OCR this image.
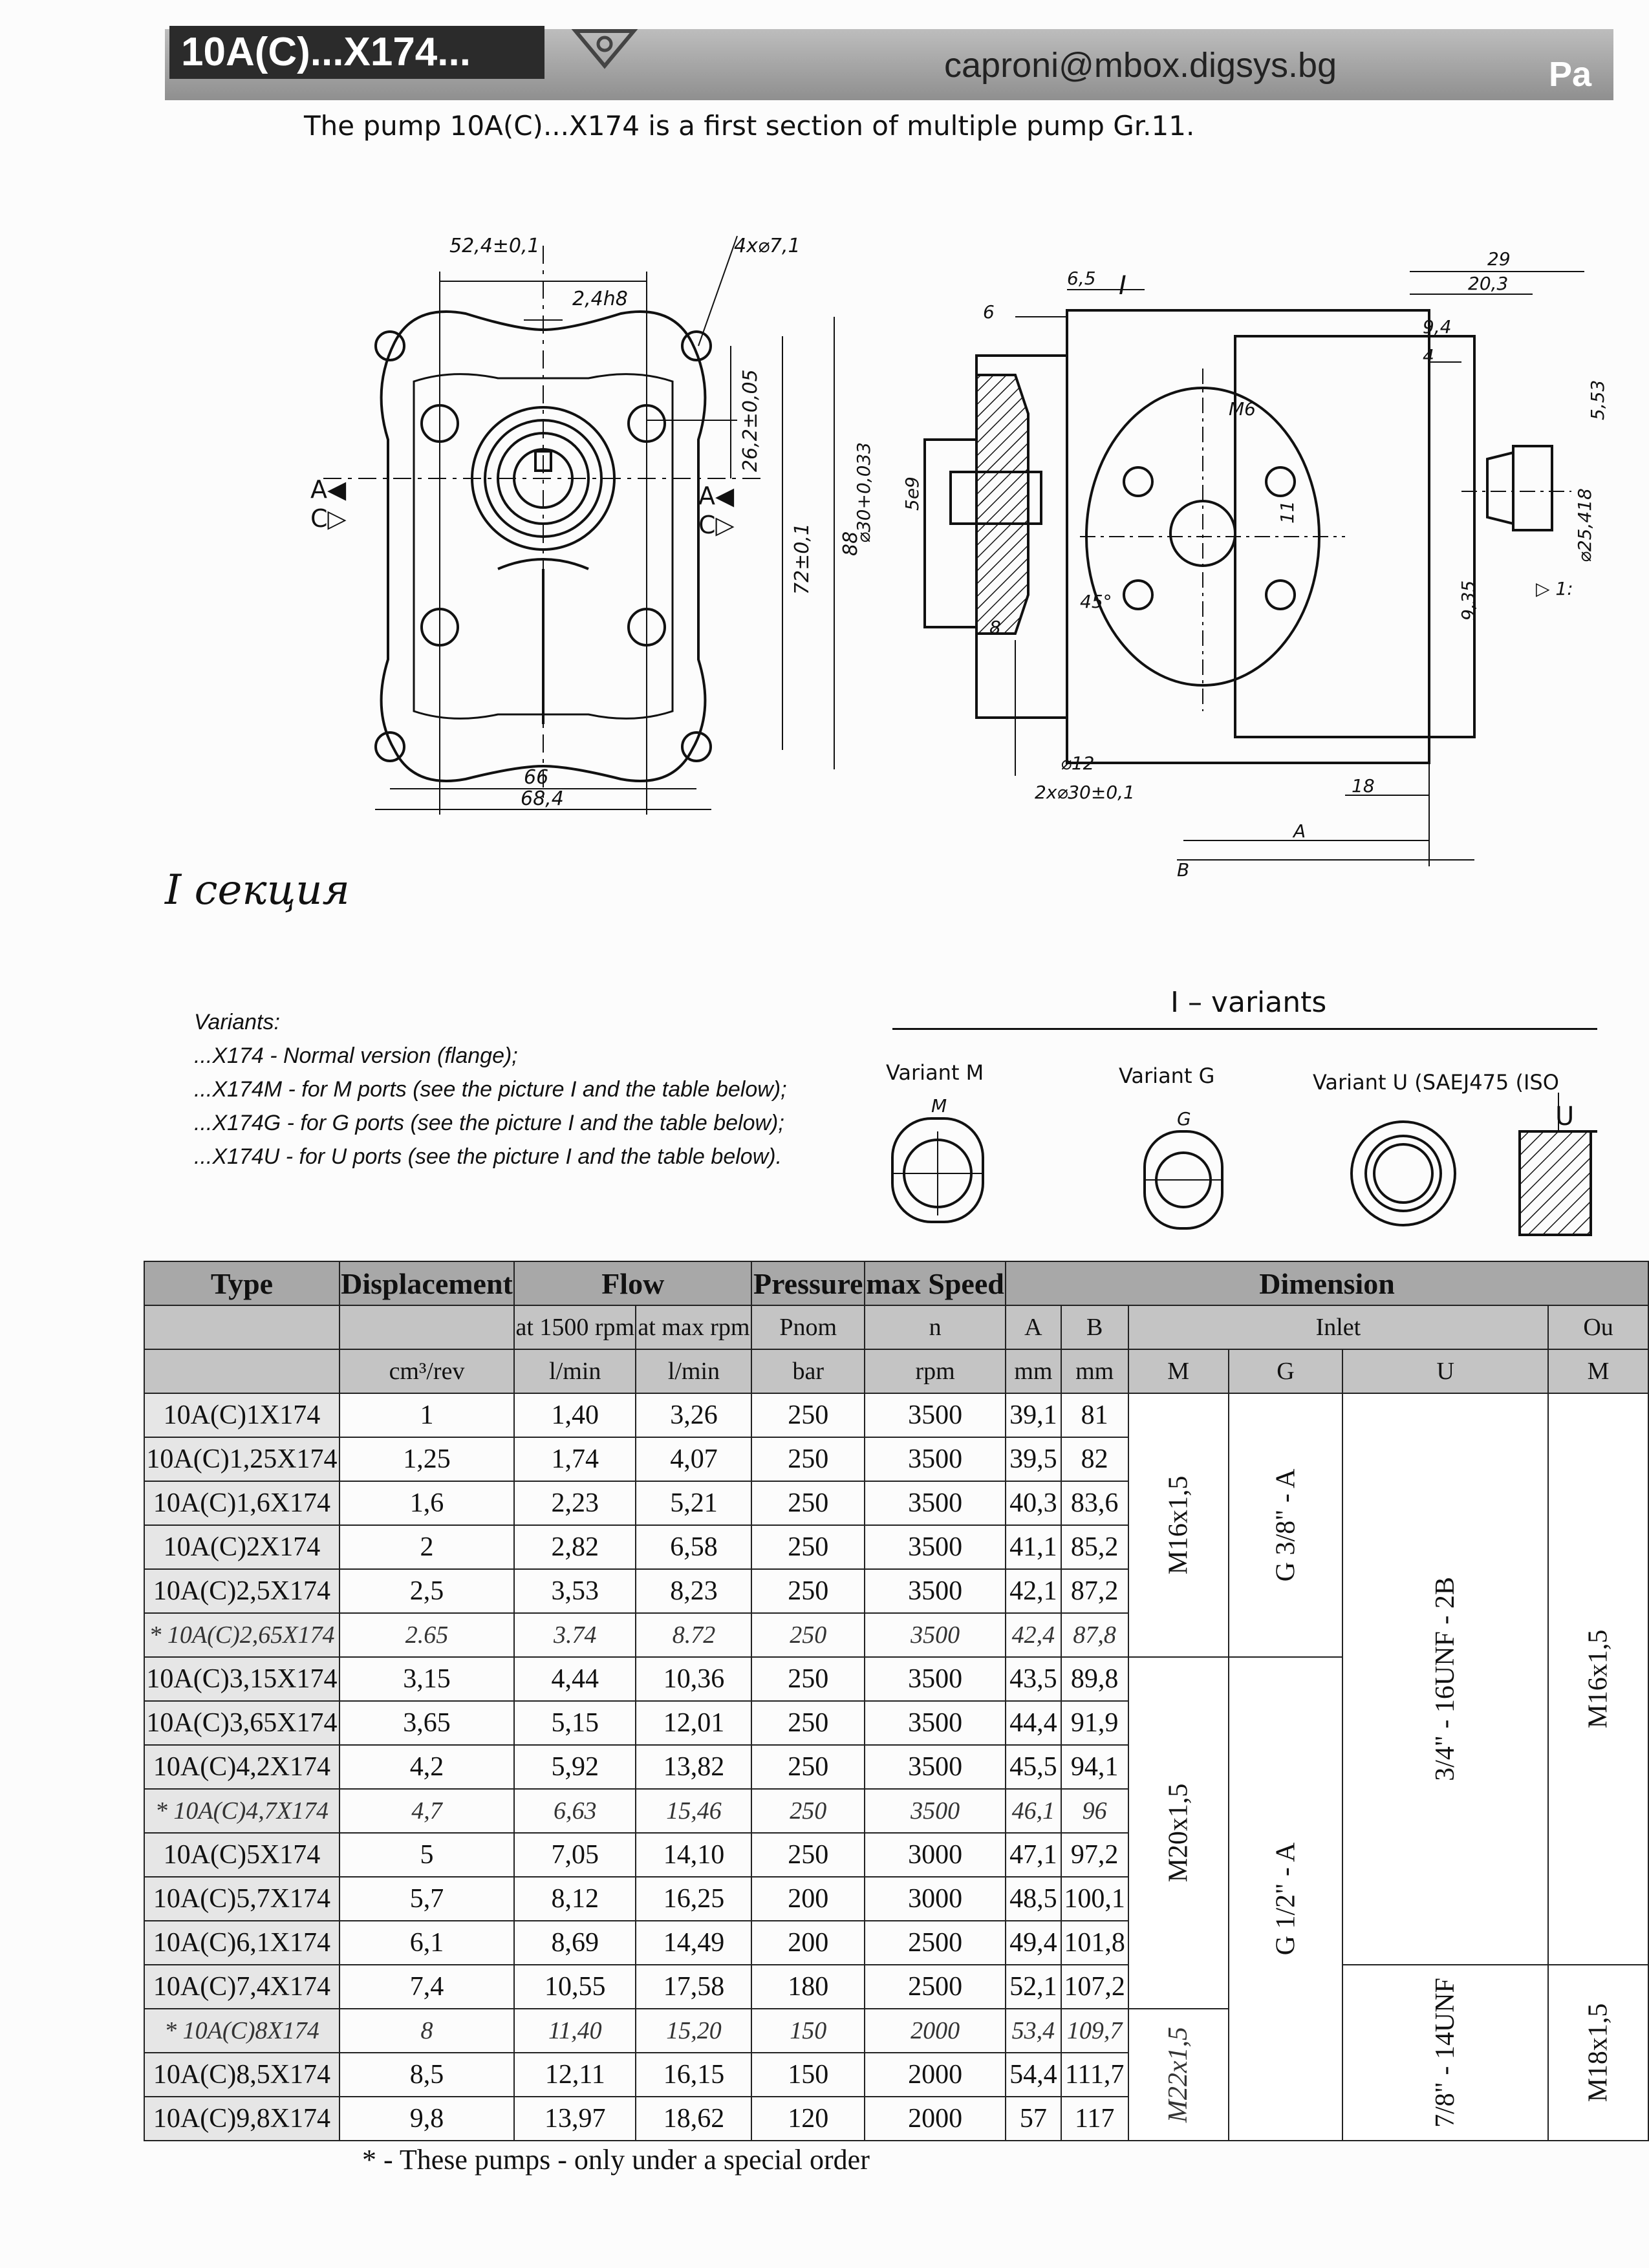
10A(C)...X174...	caproni@mbox.digsys.bg	Pa
The pump 10A(C)...X174 is a first section of multiple pump Gr.11.
52,4±0,1	4x⌀7,1
2,4h8
26,2±0,05
72±0,1 88
66
68,4
A◀
C▷
A◀
C▷
29
20,3
6,5 I
6
9,4
4
5,53
M6
⌀30+0,033 5e9
11	⌀25,418
45°	9,35	▷ 1:
8
⌀12
2x⌀30±0,1	18
A
B
I секция
Variants:
...X174 - Normal version (flange);
...X174M - for M ports (see the picture I and the table below);
...X174G - for G ports (see the picture I and the table below);
...X174U - for U ports (see the picture I and the table below).
I – variants
Variant M	Variant G	Variant U (SAEJ475 (ISO
M
G	U
Type	Displacement	Flow		Pressure	max Speed	Dimension					
		at 1500 rpm	at max rpm	Pnom	n	A	B	Inlet			Ou
	cm³/rev	l/min	l/min	bar	rpm	mm	mm	M	G	U	M
10A(C)1X174	1	1,40	3,26	250	3500	39,1	81	M16x1,5	G 3/8" - A	3/4" - 16UNF - 2B	M16x1,5
10A(C)1,25X174	1,25	1,74	4,07	250	3500	39,5	82				
10A(C)1,6X174	1,6	2,23	5,21	250	3500	40,3	83,6				
10A(C)2X174	2	2,82	6,58	250	3500	41,1	85,2				
10A(C)2,5X174	2,5	3,53	8,23	250	3500	42,1	87,2				
* 10A(C)2,65X174	2.65	3.74	8.72	250	3500	42,4	87,8				
10A(C)3,15X174	3,15	4,44	10,36	250	3500	43,5	89,8	M20x1,5	G 1/2" - A		
10A(C)3,65X174	3,65	5,15	12,01	250	3500	44,4	91,9				
10A(C)4,2X174	4,2	5,92	13,82	250	3500	45,5	94,1				
* 10A(C)4,7X174	4,7	6,63	15,46	250	3500	46,1	96				
10A(C)5X174	5	7,05	14,10	250	3000	47,1	97,2				
10A(C)5,7X174	5,7	8,12	16,25	200	3000	48,5	100,1				
10A(C)6,1X174	6,1	8,69	14,49	200	2500	49,4	101,8				
10A(C)7,4X174	7,4	10,55	17,58	180	2500	52,1	107,2			7/8" - 14UNF	M18x1,5
* 10A(C)8X174	8	11,40	15,20	150	2000	53,4	109,7	M22x1,5			
10A(C)8,5X174	8,5	12,11	16,15	150	2000	54,4	111,7				
10A(C)9,8X174	9,8	13,97	18,62	120	2000	57	117				
* - These pumps - only under a special order
